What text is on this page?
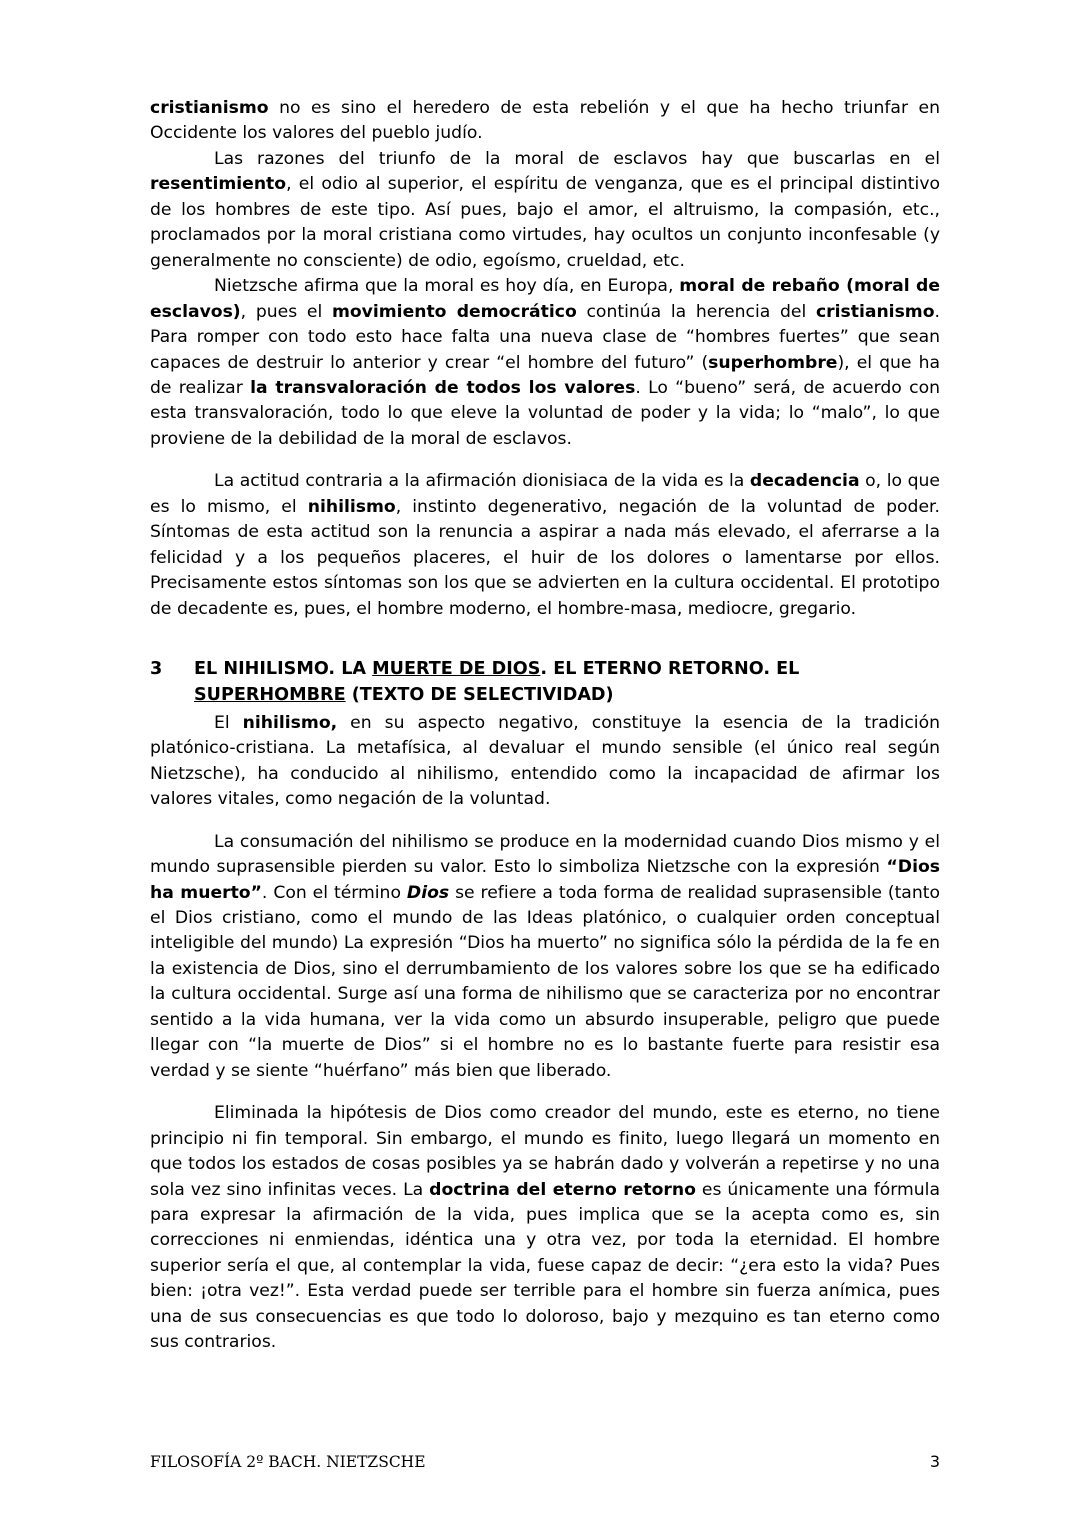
cristianismo no es sino el heredero de esta rebelión y el que ha hecho triunfar en Occidente los valores del pueblo judío.

Las razones del triunfo de la moral de esclavos hay que buscarlas en el resentimiento, el odio al superior, el espíritu de venganza, que es el principal distintivo de los hombres de este tipo. Así pues, bajo el amor, el altruismo, la compasión, etc., proclamados por la moral cristiana como virtudes, hay ocultos un conjunto inconfesable (y generalmente no consciente) de odio, egoísmo, crueldad, etc.

Nietzsche afirma que la moral es hoy día, en Europa, moral de rebaño (moral de esclavos), pues el movimiento democrático continúa la herencia del cristianismo. Para romper con todo esto hace falta una nueva clase de “hombres fuertes” que sean capaces de destruir lo anterior y crear “el hombre del futuro” (superhombre), el que ha de realizar la transvaloración de todos los valores. Lo “bueno” será, de acuerdo con esta transvaloración, todo lo que eleve la voluntad de poder y la vida; lo “malo”, lo que proviene de la debilidad de la moral de esclavos.

La actitud contraria a la afirmación dionisiaca de la vida es la decadencia o, lo que es lo mismo, el nihilismo, instinto degenerativo, negación de la voluntad de poder. Síntomas de esta actitud son la renuncia a aspirar a nada más elevado, el aferrarse a la felicidad y a los pequeños placeres, el huir de los dolores o lamentarse por ellos. Precisamente estos síntomas son los que se advierten en la cultura occidental. El prototipo de decadente es, pues, el hombre moderno, el hombre-masa, mediocre, gregario.

3	EL NIHILISMO. LA MUERTE DE DIOS. EL ETERNO RETORNO. EL SUPERHOMBRE (TEXTO DE SELECTIVIDAD)

El nihilismo, en su aspecto negativo, constituye la esencia de la tradición platónico-cristiana. La metafísica, al devaluar el mundo sensible (el único real según Nietzsche), ha conducido al nihilismo, entendido como la incapacidad de afirmar los valores vitales, como negación de la voluntad.

La consumación del nihilismo se produce en la modernidad cuando Dios mismo y el mundo suprasensible pierden su valor. Esto lo simboliza Nietzsche con la expresión “Dios ha muerto”. Con el término Dios se refiere a toda forma de realidad suprasensible (tanto el Dios cristiano, como el mundo de las Ideas platónico, o cualquier orden conceptual inteligible del mundo) La expresión “Dios ha muerto” no significa sólo la pérdida de la fe en la existencia de Dios, sino el derrumbamiento de los valores sobre los que se ha edificado la cultura occidental. Surge así una forma de nihilismo que se caracteriza por no encontrar sentido a la vida humana, ver la vida como un absurdo insuperable, peligro que puede llegar con “la muerte de Dios” si el hombre no es lo bastante fuerte para resistir esa verdad y se siente “huérfano” más bien que liberado.

Eliminada la hipótesis de Dios como creador del mundo, este es eterno, no tiene principio ni fin temporal. Sin embargo, el mundo es finito, luego llegará un momento en que todos los estados de cosas posibles ya se habrán dado y volverán a repetirse y no una sola vez sino infinitas veces. La doctrina del eterno retorno es únicamente una fórmula para expresar la afirmación de la vida, pues implica que se la acepta como es, sin correcciones ni enmiendas, idéntica una y otra vez, por toda la eternidad. El hombre superior sería el que, al contemplar la vida, fuese capaz de decir: “¿era esto la vida? Pues bien: ¡otra vez!”. Esta verdad puede ser terrible para el hombre sin fuerza anímica, pues una de sus consecuencias es que todo lo doloroso, bajo y mezquino es tan eterno como sus contrarios.

FILOSOFÍA 2º BACH. NIETZSCHE	3
